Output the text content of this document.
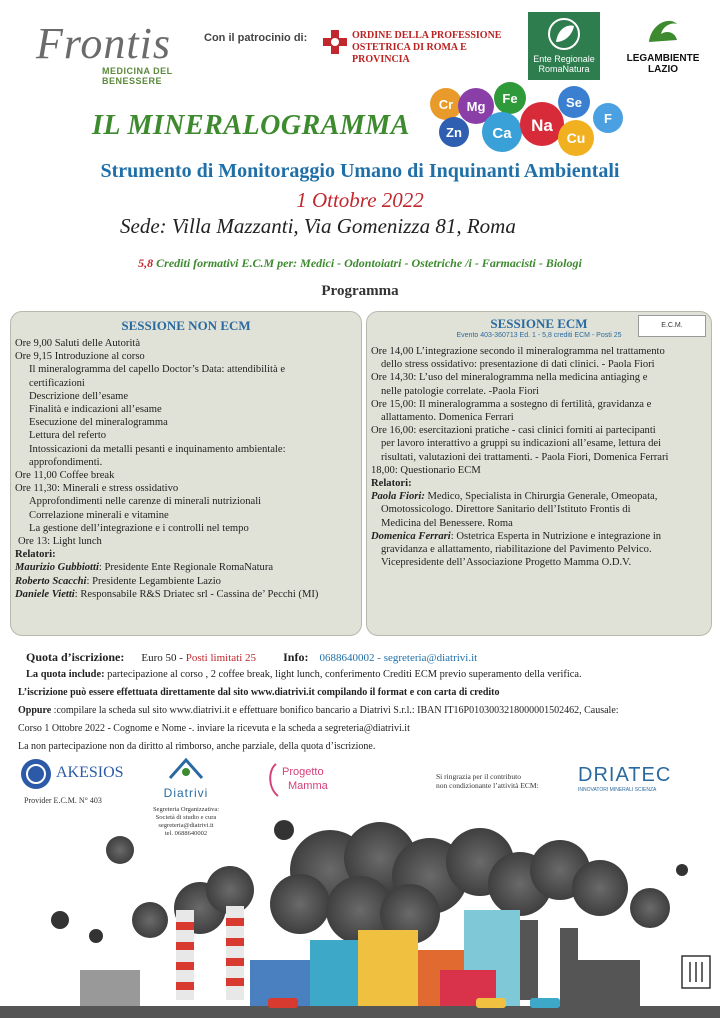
Frontis
MEDICINA DEL BENESSERE
Con il patrocinio di:	ORDINE DELLA PROFESSIONE
OSTETRICA DI ROMA E PROVINCIA	Ente Regionale
RomaNatura
LEGAMBIENTE
LAZIO
IL MINERALOGRAMMA
Cr Mg
Fe	Se
Zn Ca Na
Cu
F
Strumento di Monitoraggio Umano di Inquinanti Ambientali
1 Ottobre 2022
Sede: Villa Mazzanti, Via Gomenizza 81, Roma
5,8 Crediti formativi E.C.M per: Medici - Odontoiatri - Ostetriche /i - Farmacisti - Biologi
Programma
SESSIONE NON ECM
Ore 9,00 Saluti delle Autorità
Ore 9,15 Introduzione al corso
Il mineralogramma del capello Doctor’s Data: attendibilità e
certificazioni
Descrizione dell’esame
Finalità e indicazioni all’esame
Esecuzione del mineralogramma
Lettura del referto
Intossicazioni da metalli pesanti e inquinamento ambientale:
approfondimenti.
Ore 11,00 Coffee break
Ore 11,30: Minerali e stress ossidativo
Approfondimenti nelle carenze di minerali nutrizionali
Correlazione minerali e vitamine
La gestione dell’integrazione e i controlli nel tempo
Ore 13: Light lunch
Relatori:
Maurizio Gubbiotti: Presidente Ente Regionale RomaNatura
Roberto Scacchi: Presidente Legambiente Lazio
Daniele Vietti: Responsabile R&S Driatec srl - Cassina de’ Pecchi (MI)
SESSIONE ECM
Evento 403-360713 Ed. 1 - 5,8 crediti ECM - Posti 25
Ore 14,00 L’integrazione secondo il mineralogramma nel trattamento
dello stress ossidativo: presentazione di dati clinici. - Paola Fiori
Ore 14,30: L’uso del mineralogramma nella medicina antiaging e
nelle patologie correlate. -Paola Fiori
Ore 15,00: Il mineralogramma a sostegno di fertilità, gravidanza e
allattamento. Domenica Ferrari
Ore 16,00: esercitazioni pratiche - casi clinici forniti ai partecipanti
per lavoro interattivo a gruppi su indicazioni all’esame, lettura dei
risultati, valutazioni dei trattamenti. - Paola Fiori, Domenica Ferrari
18,00: Questionario ECM
Relatori:
Paola Fiori: Medico, Specialista in Chirurgia Generale, Omeopata,
Omotossicologo. Direttore Sanitario dell’Istituto Frontis di
Medicina del Benessere. Roma
Domenica Ferrari: Ostetrica Esperta in Nutrizione e integrazione in
gravidanza e allattamento, riabilitazione del Pavimento Pelvico.
Vicepresidente dell’Associazione Progetto Mamma O.D.V.
E.C.M.
Quota d’iscrizione: Euro 50 - Posti limitati 25 Info: 0688640002 - segreteria@diatrivi.it
La quota include: partecipazione al corso , 2 coffee break, light lunch, conferimento Crediti ECM previo superamento della verifica.
L’iscrizione può essere effettuata direttamente dal sito www.diatrivi.it compilando il format e con carta di credito
Oppure :compilare la scheda sul sito www.diatrivi.it e effettuare bonifico bancario a Diatrivi S.r.l.: IBAN IT16P0103003218000001502462, Causale:
Corso 1 Ottobre 2022 - Cognome e Nome -. inviare la ricevuta e la scheda a segreteria@diatrivi.it
La non partecipazione non da diritto al rimborso, anche parziale, della quota d’iscrizione.
AKESIOS
Provider E.C.M. N° 403
Diatrivi
Segreteria Organizzativa:
Società di studio e cura
segreteria@diatrivi.it
tel. 0688640002
Progetto
Mamma
Si ringrazia per il contributo
non condizionante l’attività ECM: DRIATEC
INNOVATORI MINERALI SCIENZA
